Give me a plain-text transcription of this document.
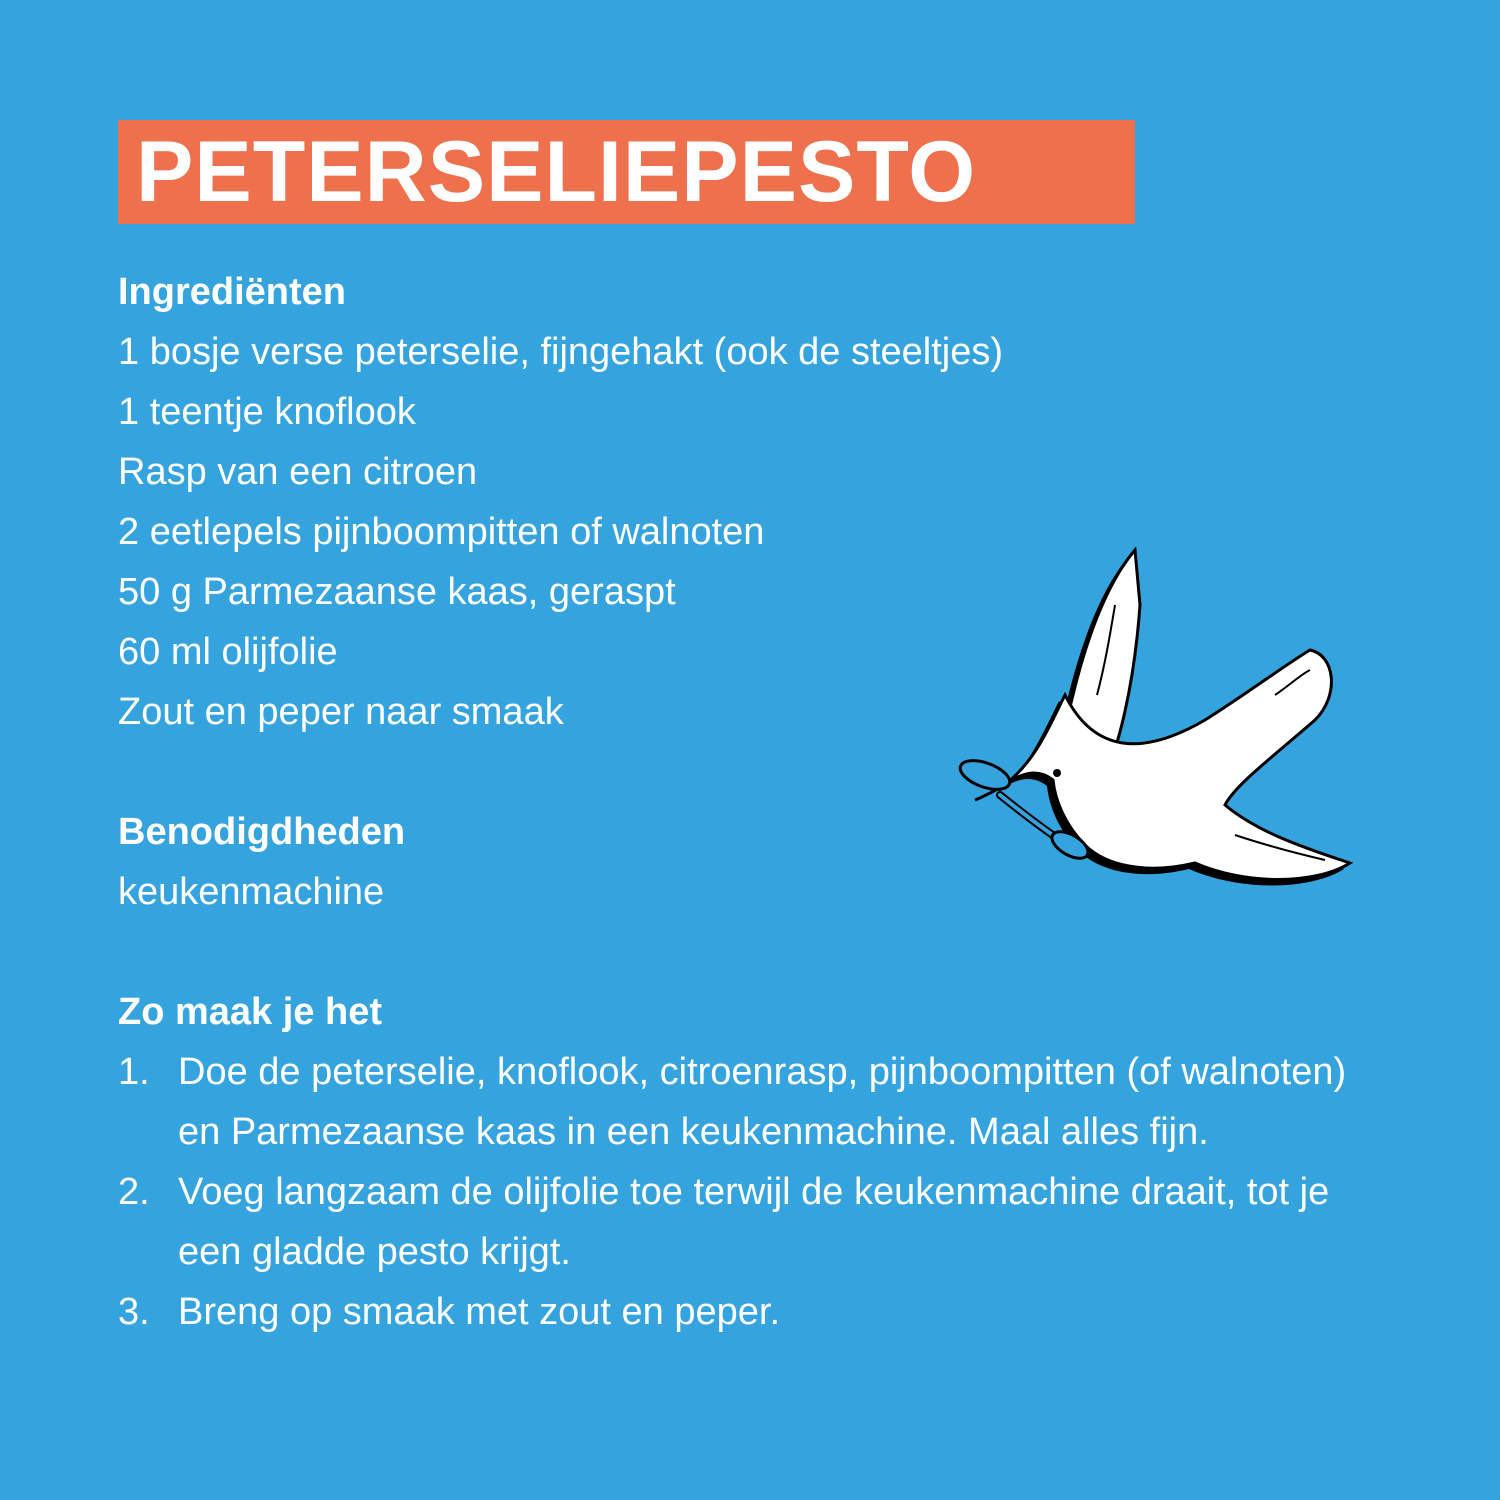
PETERSELIEPESTO

Ingrediënten

1 bosje verse peterselie, fijngehakt (ook de steeltjes)

1 teentje knoflook

Rasp van een citroen

2 eetlepels pijnboompitten of walnoten

50 g Parmezaanse kaas, geraspt

60 ml olijfolie

Zout en peper naar smaak

Benodigdheden

keukenmachine

Zo maak je het

1. Doe de peterselie, knoflook, citroenrasp, pijnboompitten (of walnoten) en Parmezaanse kaas in een keukenmachine. Maal alles fijn.
2. Voeg langzaam de olijfolie toe terwijl de keukenmachine draait, tot je een gladde pesto krijgt.
3. Breng op smaak met zout en peper.
